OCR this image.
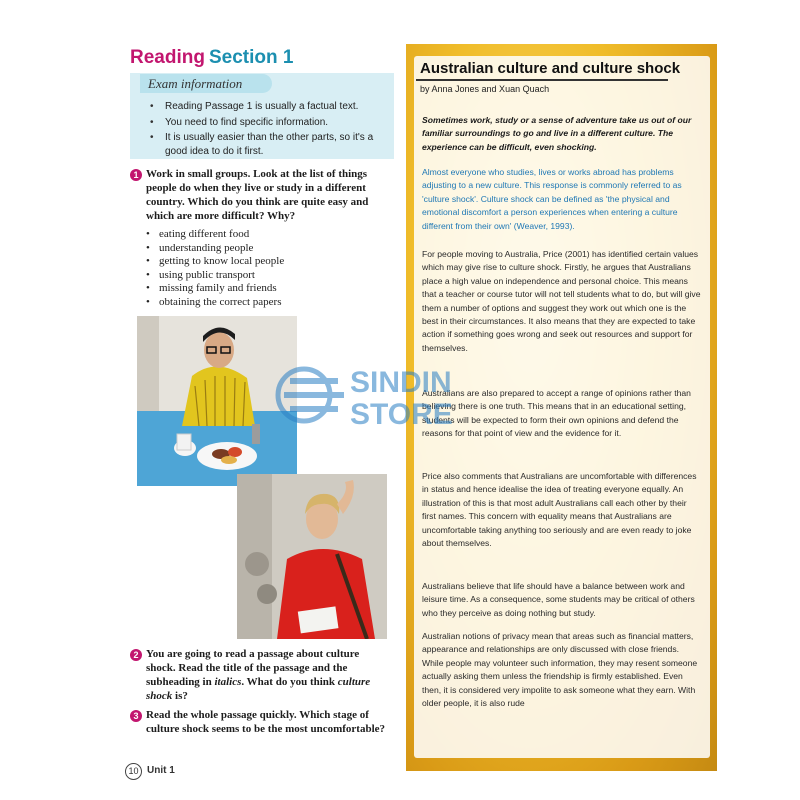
Reading Section 1
Exam information
• Reading Passage 1 is usually a factual text.
• You need to find specific information.
• It is usually easier than the other parts, so it's a good idea to do it first.
1 Work in small groups. Look at the list of things people do when they live or study in a different country. Which do you think are quite easy and which are more difficult? Why?
• eating different food
• understanding people
• getting to know local people
• using public transport
• missing family and friends
• obtaining the correct papers
2 You are going to read a passage about culture shock. Read the title of the passage and the subheading in italics. What do you think culture shock is?
3 Read the whole passage quickly. Which stage of culture shock seems to be the most uncomfortable?
10 Unit 1
Australian culture and culture shock
by Anna Jones and Xuan Quach
Sometimes work, study or a sense of adventure take us out of our familiar surroundings to go and live in a different culture. The experience can be difficult, even shocking.
Almost everyone who studies, lives or works abroad has problems adjusting to a new culture. This response is commonly referred to as 'culture shock'. Culture shock can be defined as 'the physical and emotional discomfort a person experiences when entering a culture different from their own' (Weaver, 1993).
For people moving to Australia, Price (2001) has identified certain values which may give rise to culture shock. Firstly, he argues that Australians place a high value on independence and personal choice. This means that a teacher or course tutor will not tell students what to do, but will give them a number of options and suggest they work out which one is the best in their circumstances. It also means that they are expected to take action if something goes wrong and seek out resources and support for themselves.
Australians are also prepared to accept a range of opinions rather than believing there is one truth. This means that in an educational setting, students will be expected to form their own opinions and defend the reasons for that point of view and the evidence for it.
Price also comments that Australians are uncomfortable with differences in status and hence idealise the idea of treating everyone equally. An illustration of this is that most adult Australians call each other by their first names. This concern with equality means that Australians are uncomfortable taking anything too seriously and are even ready to joke about themselves.
Australians believe that life should have a balance between work and leisure time. As a consequence, some students may be critical of others who they perceive as doing nothing but study.
Australian notions of privacy mean that areas such as financial matters, appearance and relationships are only discussed with close friends. While people may volunteer such information, they may resent someone actually asking them unless the friendship is firmly established. Even then, it is considered very impolite to ask someone what they earn. With older people, it is also rude
SINDIN
STORE
